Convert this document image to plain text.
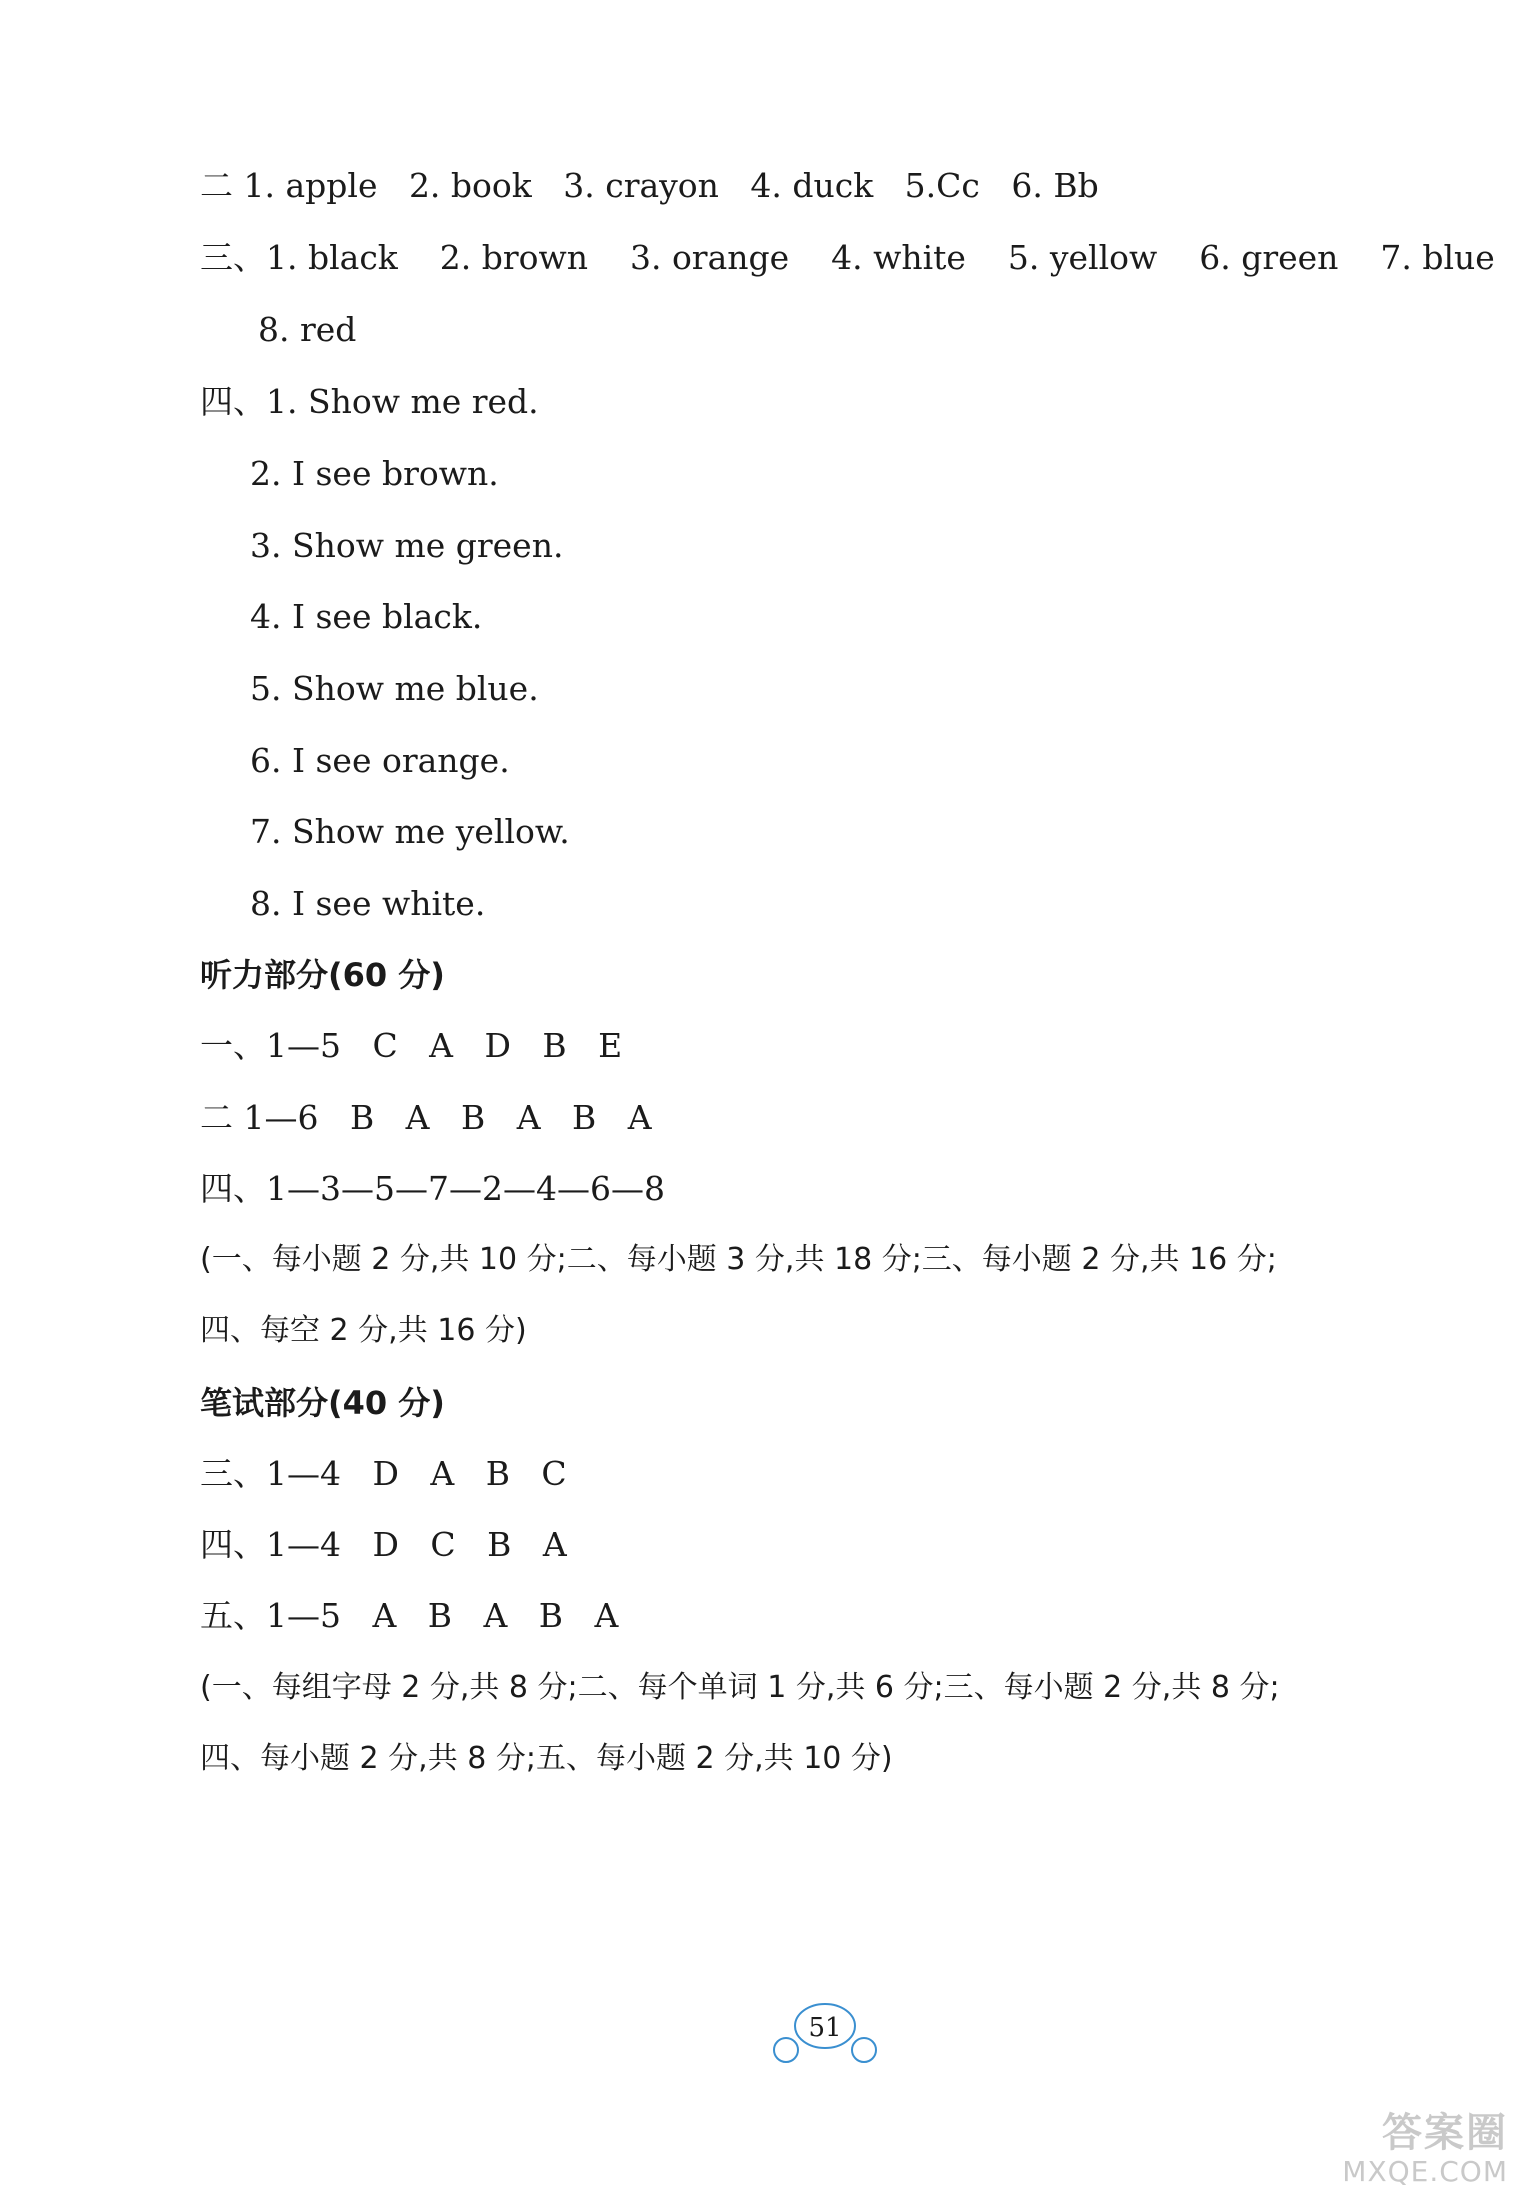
二 1. apple   2. book   3. crayon   4. duck   5.Cc   6. Bb
三、1. black    2. brown    3. orange    4. white    5. yellow    6. green    7. blue
8. red
四、1. Show me red.
2. I see brown.
3. Show me green.
4. I see black.
5. Show me blue.
6. I see orange.
7. Show me yellow.
8. I see white.
听力部分(60 分)
一、1—5   C   A   D   B   E
二 1—6   B   A   B   A   B   A
四、1—3—5—7—2—4—6—8
(一、每小题 2 分,共 10 分;二、每小题 3 分,共 18 分;三、每小题 2 分,共 16 分;
四、每空 2 分,共 16 分)
笔试部分(40 分)
三、1—4   D   A   B   C
四、1—4   D   C   B   A
五、1—5   A   B   A   B   A
(一、每组字母 2 分,共 8 分;二、每个单词 1 分,共 6 分;三、每小题 2 分,共 8 分;
四、每小题 2 分,共 8 分;五、每小题 2 分,共 10 分)
51
答案圈
MXQE.COM
